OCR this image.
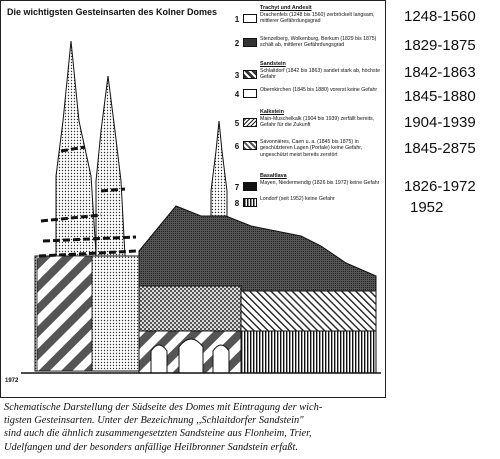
Die wichtigsten Gesteinsarten des Kolner Domes	Trachyt und Andesit
1	Drachenfels (1248 bis 1560) zerbröckelt langsam, mittlerer Gefährdungsgrad
2	Stenzelberg, Wolkenburg, Berkum (1829 bis 1875) schält ab, mittlerer Gefährdungsgrad
Sandstein
3	Schlaitdorf (1842 bis 1863) sandet stark ab, höchste Gefahr
4	Obernkirchen (1845 bis 1880) vorerst keine Gefahr
Kalkstein
5	Main-Muschelkalk (1904 bis 1939) zerfällt bereits, Gefahr für die Zukunft
6	Savonnières, Caen u. a. (1845 bis 1875) in geschützteren Lagen (Portale) keine Gefahr, ungeschützt meist bereits zerstört
Basaltlava
7	Mayen, Niedermendig (1826 bis 1972) keine Gefahr
8	Londorf (seit 1952) keine Gefahr
1972
1248-1560
1829-1875
1842-1863
1845-1880
1904-1939
1845-2875
1826-1972
1952
Schematische Darstellung der Südseite des Domes mit Eintragung der wich-
tigsten Gesteinsarten. Unter der Bezeichnung ,,Schlaitdorfer Sandstein"
sind auch die ähnlich zusammengesetzten Sandsteine aus Flonheim, Trier,
Udelfangen und der besonders anfällige Heilbronner Sandstein erfaßt.
